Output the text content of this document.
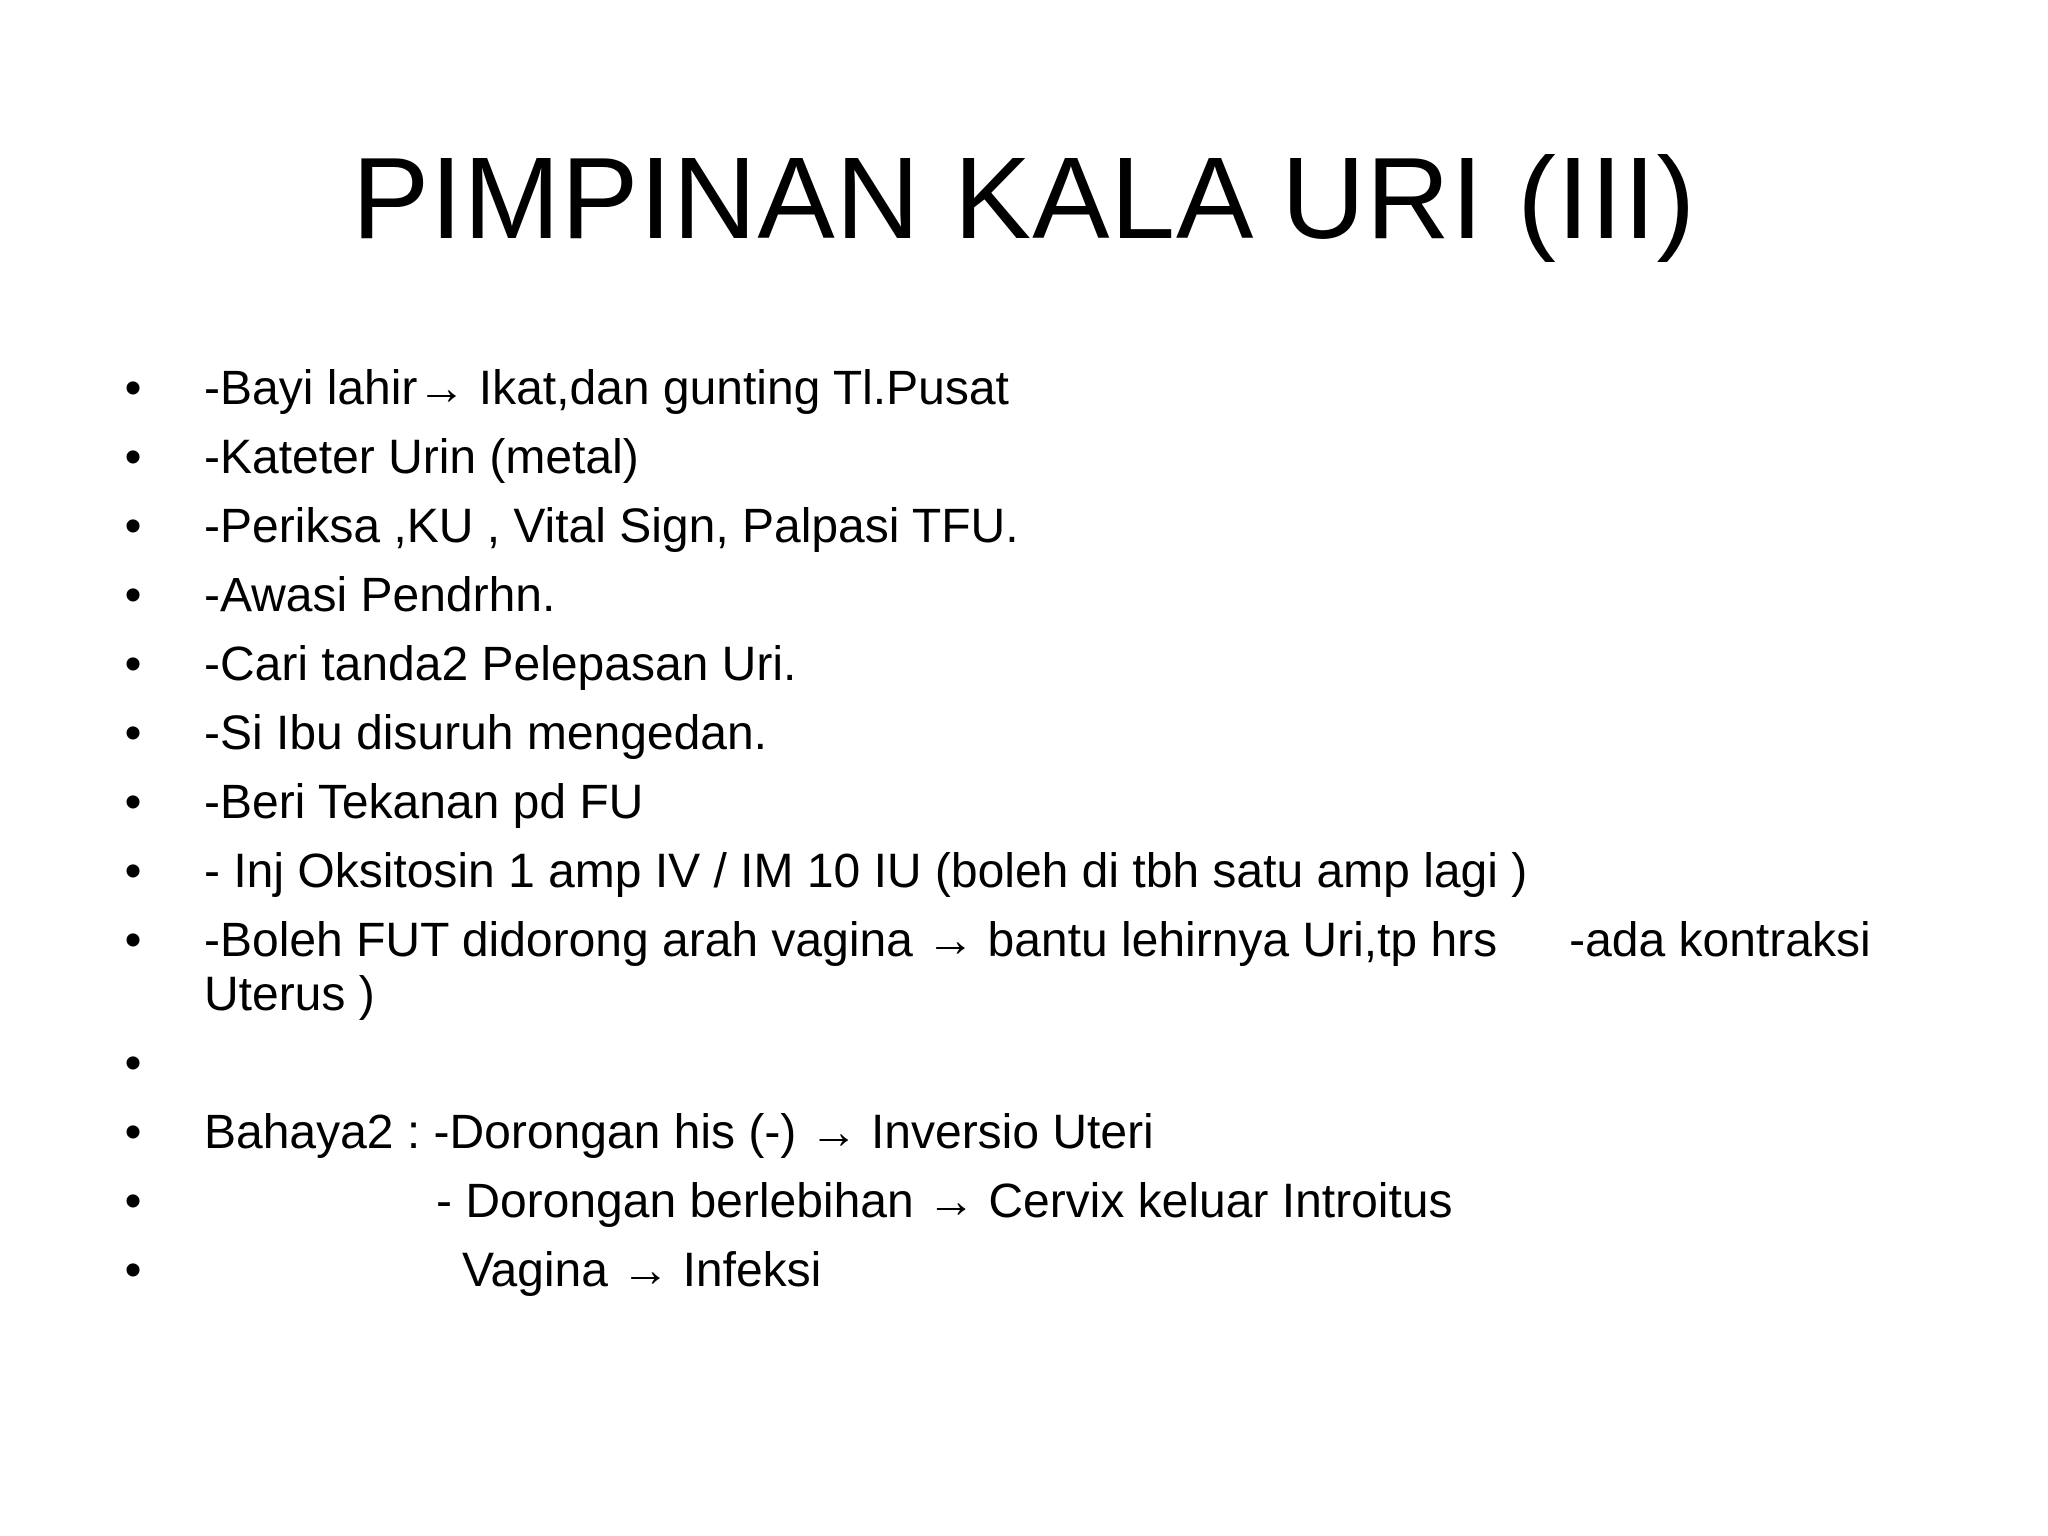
PIMPINAN KALA URI (III)
• -Bayi lahir→ Ikat,dan gunting Tl.Pusat
• -Kateter Urin (metal)
• -Periksa ,KU , Vital Sign, Palpasi TFU.
• -Awasi Pendrhn.
• -Cari tanda2 Pelepasan Uri.
• -Si Ibu disuruh mengedan.
• -Beri Tekanan pd FU
• - Inj Oksitosin 1 amp IV / IM 10 IU (boleh di tbh satu amp lagi )
• -Boleh FUT didorong arah vagina → bantu lehirnya Uri,tp hrs -ada kontraksi Uterus )
•

• Bahaya2 : -Dorongan his (-) → Inversio Uteri
•	- Dorongan berlebihan → Cervix keluar Introitus
•	Vagina → Infeksi
